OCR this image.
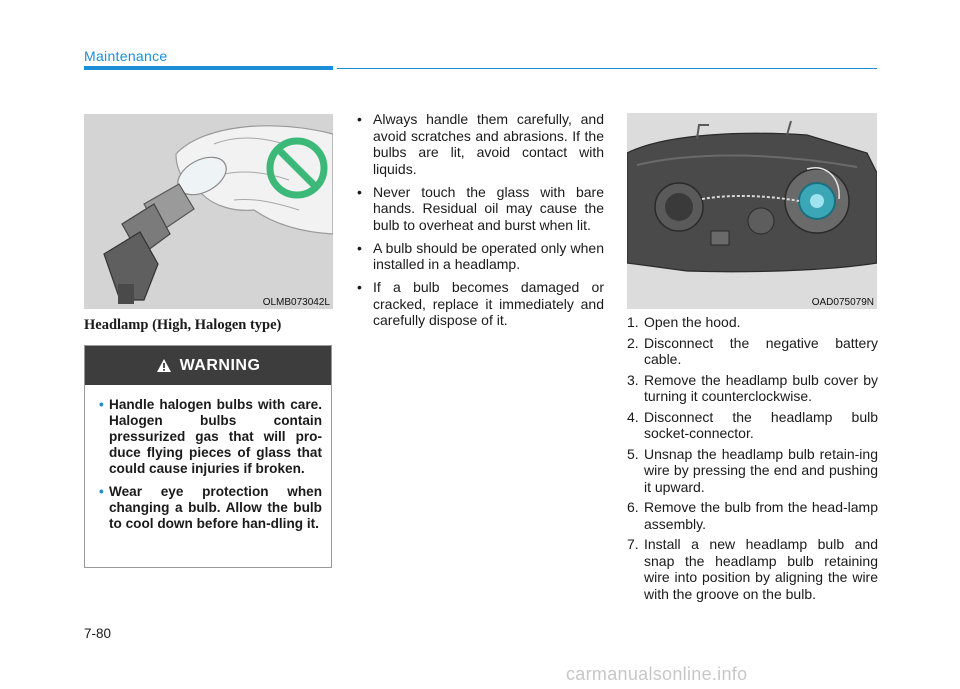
Maintenance
OLMB073042L
Headlamp (High, Halogen type)
WARNING
• Handle halogen bulbs with care. Halogen bulbs contain pressurized gas that will pro-duce flying pieces of glass that could cause injuries if broken.
• Wear eye protection when changing a bulb. Allow the bulb to cool down before han-dling it.
• Always handle them carefully, and avoid scratches and abrasions. If the bulbs are lit, avoid contact with liquids.
• Never touch the glass with bare hands. Residual oil may cause the bulb to overheat and burst when lit.
• A bulb should be operated only when installed in a headlamp.
• If a bulb becomes damaged or cracked, replace it immediately and carefully dispose of it.
OAD075079N
1. Open the hood.
2. Disconnect the negative battery cable.
3. Remove the headlamp bulb cover by turning it counterclockwise.
4. Disconnect the headlamp bulb socket-connector.
5. Unsnap the headlamp bulb retain-ing wire by pressing the end and pushing it upward.
6. Remove the bulb from the head-lamp assembly.
7. Install a new headlamp bulb and snap the headlamp bulb retaining wire into position by aligning the wire with the groove on the bulb.
7-80
carmanualsonline.info
